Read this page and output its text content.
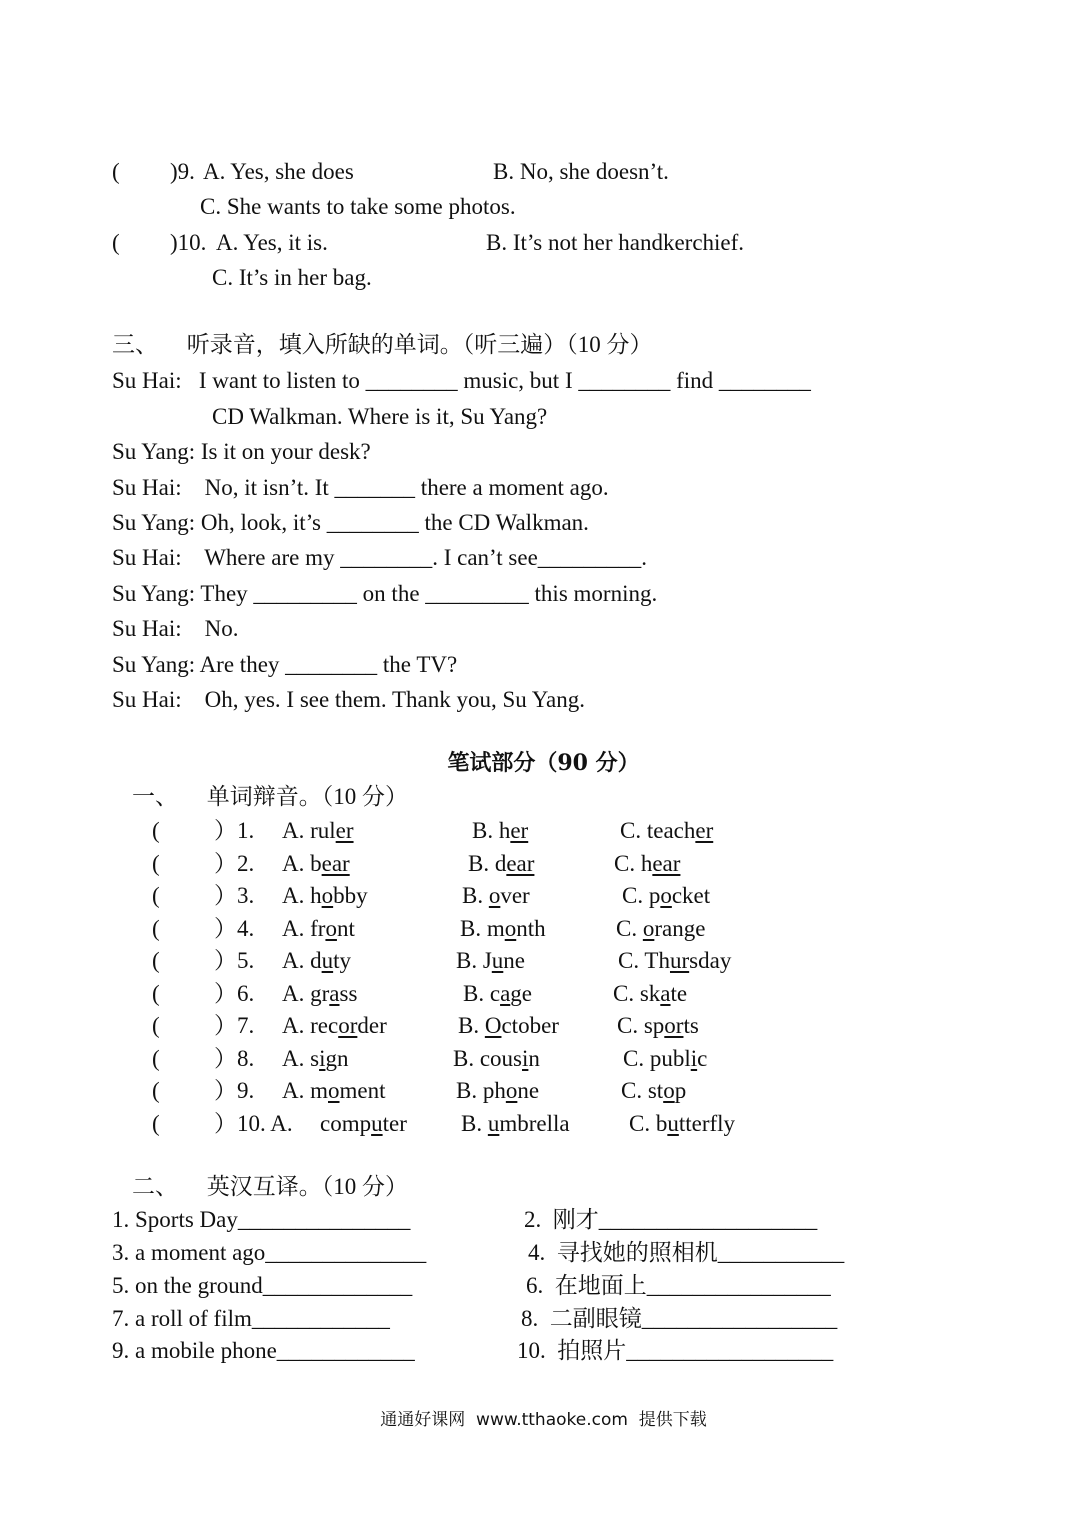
( )9. A. Yes, she does	B. No, she doesn’t.
C. She wants to take some photos.
( )10. A. Yes, it is.	B. It’s not her handkerchief.
C. It’s in her bag.
三、     听录音，填入所缺的单词。（听三遍）（10 分）
Su Hai:   I want to listen to ________ music, but I ________ find ________
CD Walkman. Where is it, Su Yang?
Su Yang: Is it on your desk?
Su Hai:    No, it isn’t. It _______ there a moment ago.
Su Yang: Oh, look, it’s ________ the CD Walkman.
Su Hai:    Where are my ________. I can’t see_________.
Su Yang: They _________ on the _________ this morning.
Su Hai:    No.
Su Yang: Are they ________ the TV?
Su Hai:    Oh, yes. I see them. Thank you, Su Yang.
笔试部分（90 分）
一、     单词辩音。（10 分）
( ）1. A. ruler	B. her	C. teacher
( ）2. A. bear	B. dear	C. hear
( ）3. A. hobby	B. over	C. pocket
( ）4. A. front	B. month	C. orange
( ）5. A. duty	B. June	C. Thursday
( ）6. A. grass	B. cage	C. skate
( ）7. A. recorder	B. October	C. sports
( ）8. A. sign	B. cousin	C. public
( ）9. A. moment	B. phone	C. stop
( ）10. A. computer B. umbrella	C. butterfly
二、     英汉互译。（10 分）
1. Sports Day_______________	2.  刚才___________________
3. a moment ago______________	4.  寻找她的照相机___________
5. on the ground_____________	6.  在地面上________________
7. a roll of film____________	8.  二副眼镜_________________
9. a mobile phone____________	10.  拍照片__________________
通通好课网  www.tthaoke.com  提供下载
